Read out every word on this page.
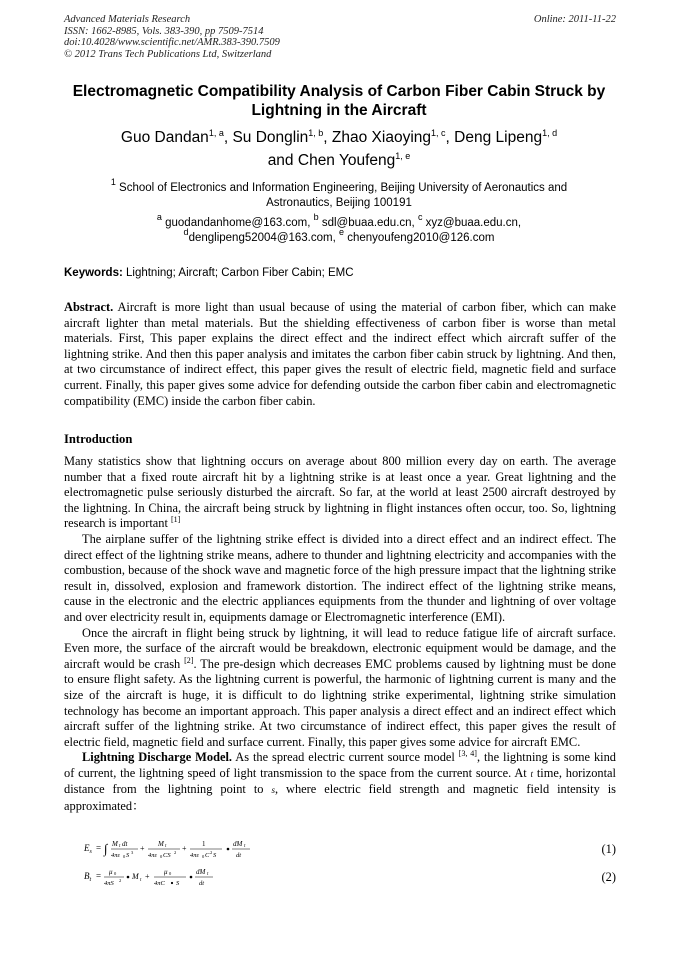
Advanced Materials Research
ISSN: 1662-8985, Vols. 383-390, pp 7509-7514
doi:10.4028/www.scientific.net/AMR.383-390.7509
© 2012 Trans Tech Publications Ltd, Switzerland
Online: 2011-11-22
Electromagnetic Compatibility Analysis of Carbon Fiber Cabin Struck by Lightning in the Aircraft
Guo Dandan$^{1, a}$, Su Donglin$^{1, b}$, Zhao Xiaoying$^{1, c}$, Deng Lipeng$^{1, d}$
and Chen Youfeng$^{1, e}$
$^1$ School of Electronics and Information Engineering, Beijing University of Aeronautics and Astronautics, Beijing 100191
$^a$ guodandanhome@163.com, $^b$ sdl@buaa.edu.cn, $^c$ xyz@buaa.edu.cn,
$^d$denglipeng52004@163.com, $^e$ chenyoufeng2010@126.com
Keywords: Lightning; Aircraft; Carbon Fiber Cabin; EMC
Abstract. Aircraft is more light than usual because of using the material of carbon fiber, which can make aircraft lighter than metal materials. But the shielding effectiveness of carbon fiber is worse than metal materials. First, This paper explains the direct effect and the indirect effect which aircraft suffer of the lightning strike. And then this paper analysis and imitates the carbon fiber cabin struck by lightning. And then, at two circumstance of indirect effect, this paper gives the result of electric field, magnetic field and surface current. Finally, this paper gives some advice for defending outside the carbon fiber cabin and electromagnetic compatibility (EMC) inside the carbon fiber cabin.
Introduction

Many statistics show that lightning occurs on average about 800 million every day on earth. The average number that a fixed route aircraft hit by a lightning strike is at least once a year. Great lightning and the electromagnetic pulse seriously disturbed the aircraft. So far, at the world at least 2500 aircraft destroyed by the lightning. In China, the aircraft being struck by lightning in flight instances often occur, too. So, lightning research is important [1]

The airplane suffer of the lightning strike effect is divided into a direct effect and an indirect effect. The direct effect of the lightning strike means, adhere to thunder and lightning electricity and accompanies with the combustion, because of the shock wave and magnetic force of the high pressure impact that the lightning strike result in, dissolved, explosion and framework distortion. The indirect effect of the lightning strike means, cause in the electronic and the electric appliances equipments from the thunder and lightning of over voltage and over electricity result in, equipments damage or Electromagnetic interference (EMI).

Once the aircraft in flight being struck by lightning, it will lead to reduce fatigue life of aircraft surface. Even more, the surface of the aircraft would be breakdown, electronic equipment would be damage, and the aircraft would be crash [2]. The pre-design which decreases EMC problems caused by lightning must be done to ensure flight safety. As the lightning current is powerful, the harmonic of lightning current is many and the size of the aircraft is huge, it is difficult to do lightning strike experimental, lightning strike simulation technology has become an important approach. This paper analysis a direct effect and an indirect effect which aircraft suffer of the lightning strike. At two circumstance of indirect effect, this paper gives the result of electric field, magnetic field and surface current. Finally, this paper gives some advice for aircraft EMC.

Lightning Discharge Model. As the spread electric current source model [3, 4], the lightning is some kind of current, the lightning speed of light transmission to the space from the current source. At t time, horizontal distance from the lightning point to s, where electric field strength and magnetic field intensity is approximated：

$E_s$ = ∫ M t dt
4πε 0 S 3 + M t
4πε 0 CS 2 + 1
4πε 0 C 2 S
dM t
dt	(1)
$B_t = \mu$ 0
4πS 2 M t + μ 0
4πC S
dM t
dt	(2)
